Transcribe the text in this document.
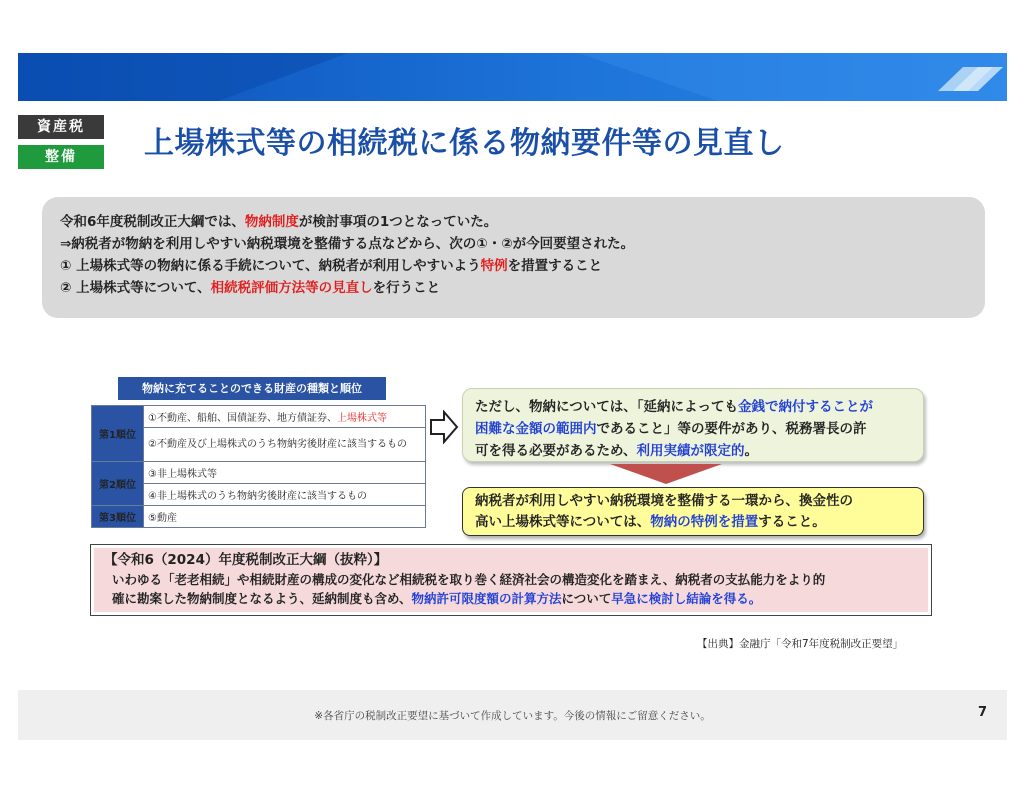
資産税
整備	上場株式等の相続税に係る物納要件等の見直し

令和6年度税制改正大綱では、物納制度が検討事項の1つとなっていた。

⇒納税者が物納を利用しやすい納税環境を整備する点などから、次の①・②が今回要望された。

① 上場株式等の物納に係る手続について、納税者が利用しやすいよう特例を措置すること

② 上場株式等について、相続税評価方法等の見直しを行うこと

物納に充てることのできる財産の種類と順位
第1順位	①不動産、船舶、国債証券、地方債証券、上場株式等
	②不動産及び上場株式のうち物納劣後財産に該当するもの
第2順位	③非上場株式等
	④非上場株式のうち物納劣後財産に該当するもの
第3順位	⑤動産

ただし、物納については、「延納によっても金銭で納付することが

困難な金額の範囲内であること」等の要件があり、税務署長の許

可を得る必要があるため、利用実績が限定的。

納税者が利用しやすい納税環境を整備する一環から、換金性の

高い上場株式等については、物納の特例を措置すること。

【令和6（2024）年度税制改正大綱（抜粋）】
いわゆる「老老相続」や相続財産の構成の変化など相続税を取り巻く経済社会の構造変化を踏まえ、納税者の支払能力をより的
確に勘案した物納制度となるよう、延納制度も含め、物納許可限度額の計算方法について早急に検討し結論を得る。
【出典】金融庁「令和7年度税制改正要望」
※各省庁の税制改正要望に基づいて作成しています。今後の情報にご留意ください。	7
